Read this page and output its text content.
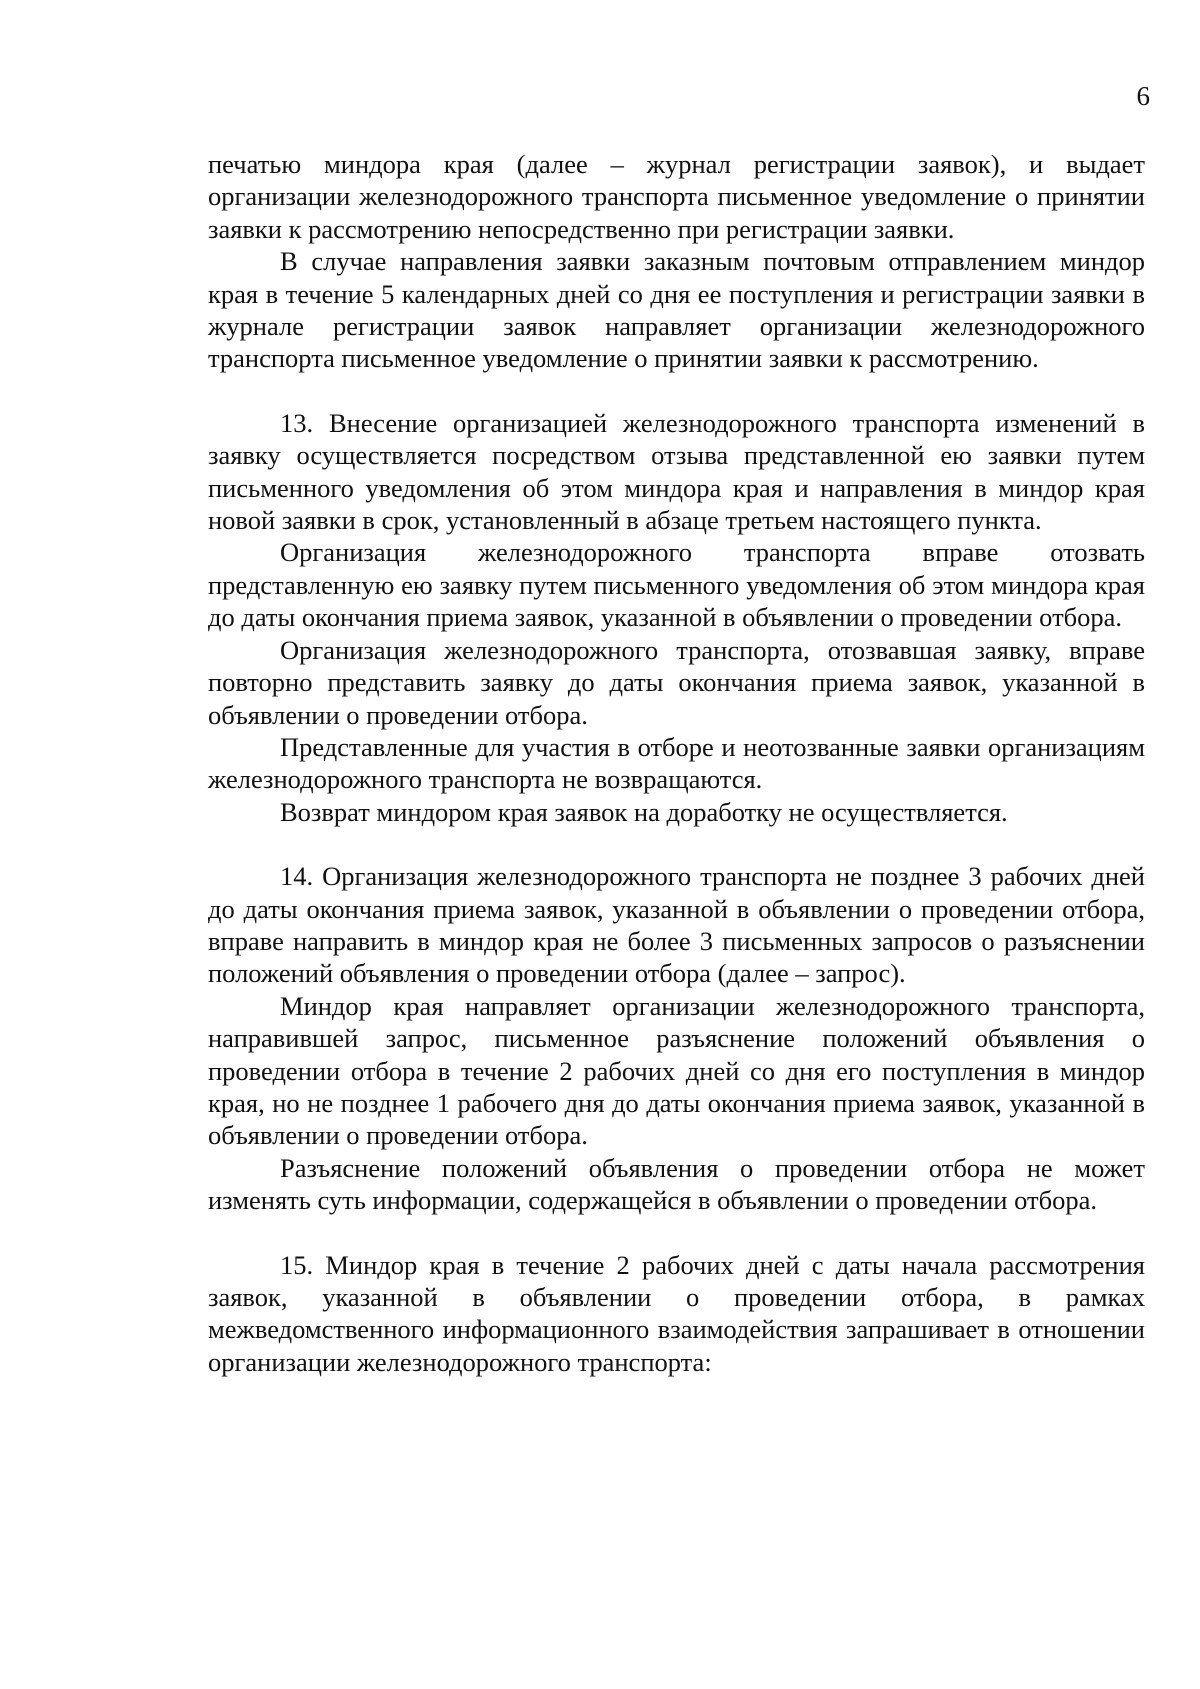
6

печатью миндора края (далее – журнал регистрации заявок), и выдает организации железнодорожного транспорта письменное уведомление о принятии заявки к рассмотрению непосредственно при регистрации заявки.

В случае направления заявки заказным почтовым отправлением миндор края в течение 5 календарных дней со дня ее поступления и регистрации заявки в журнале регистрации заявок направляет организации железнодорожного транспорта письменное уведомление о принятии заявки к рассмотрению.

13. Внесение организацией железнодорожного транспорта изменений в заявку осуществляется посредством отзыва представленной ею заявки путем письменного уведомления об этом миндора края и направления в миндор края новой заявки в срок, установленный в абзаце третьем настоящего пункта.

Организация железнодорожного транспорта вправе отозвать представленную ею заявку путем письменного уведомления об этом миндора края до даты окончания приема заявок, указанной в объявлении о проведении отбора.

Организация железнодорожного транспорта, отозвавшая заявку, вправе повторно представить заявку до даты окончания приема заявок, указанной в объявлении о проведении отбора.

Представленные для участия в отборе и неотозванные заявки организациям железнодорожного транспорта не возвращаются.

Возврат миндором края заявок на доработку не осуществляется.

14. Организация железнодорожного транспорта не позднее 3 рабочих дней до даты окончания приема заявок, указанной в объявлении о проведении отбора, вправе направить в миндор края не более 3 письменных запросов о разъяснении положений объявления о проведении отбора (далее – запрос).

Миндор края направляет организации железнодорожного транспорта, направившей запрос, письменное разъяснение положений объявления о проведении отбора в течение 2 рабочих дней со дня его поступления в миндор края, но не позднее 1 рабочего дня до даты окончания приема заявок, указанной в объявлении о проведении отбора.

Разъяснение положений объявления о проведении отбора не может изменять суть информации, содержащейся в объявлении о проведении отбора.

15. Миндор края в течение 2 рабочих дней с даты начала рассмотрения заявок, указанной в объявлении о проведении отбора, в рамках межведомственного информационного взаимодействия запрашивает в отношении организации железнодорожного транспорта:
